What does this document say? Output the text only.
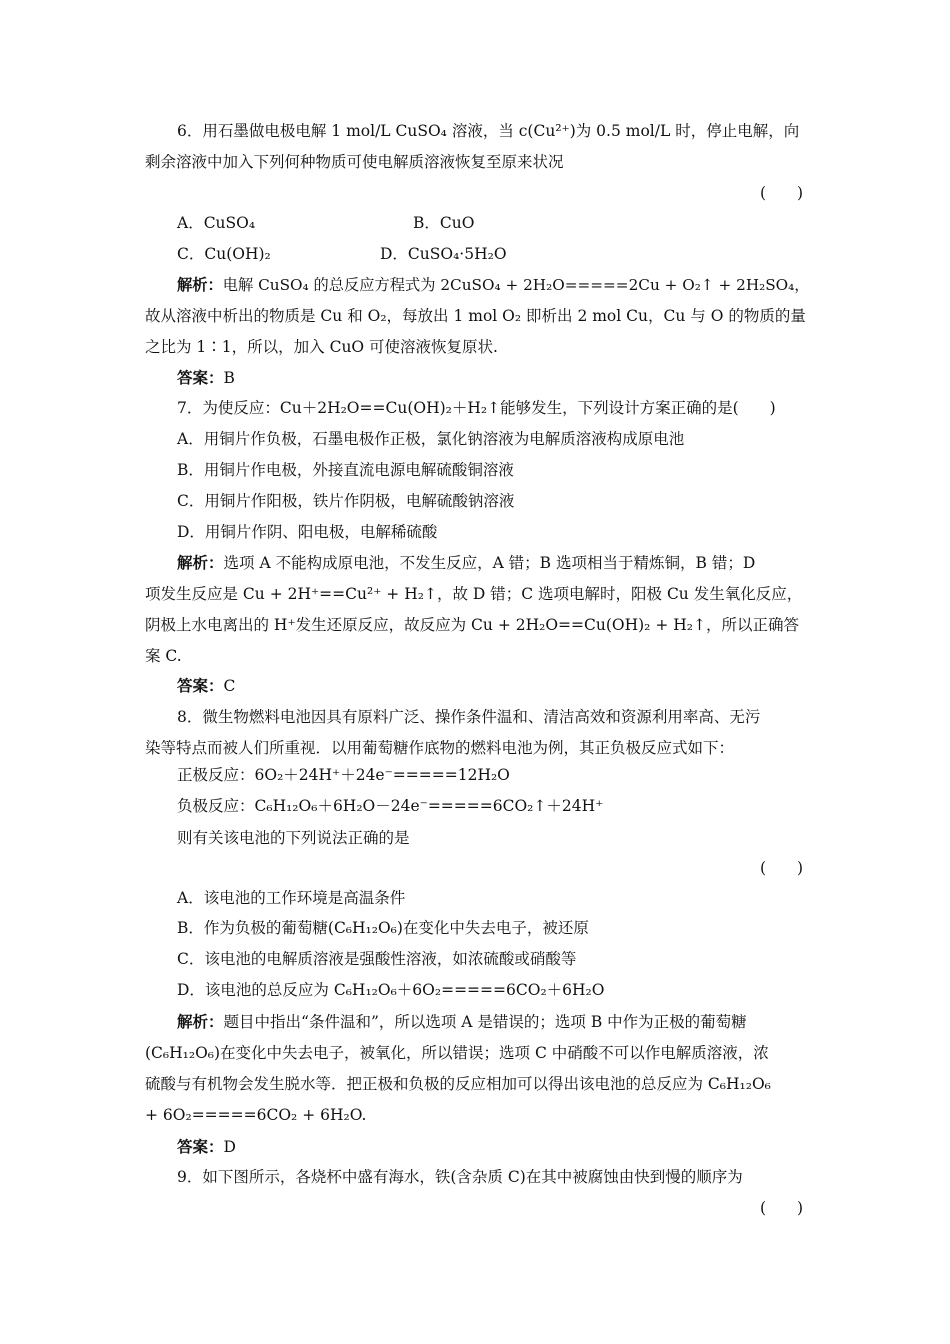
6．用石墨做电极电解 1 mol/L CuSO₄ 溶液，当 c(Cu²⁺)为 0.5 mol/L 时，停止电解，向
剩余溶液中加入下列何种物质可使电解质溶液恢复至原来状况
(　　)
A．CuSO₄	B．CuO
C．Cu(OH)₂	D．CuSO₄·5H₂O
解析：电解 CuSO₄ 的总反应方程式为 2CuSO₄ + 2H₂O=====2Cu + O₂↑ + 2H₂SO₄，
故从溶液中析出的物质是 Cu 和 O₂，每放出 1 mol O₂ 即析出 2 mol Cu，Cu 与 O 的物质的量
之比为 1∶1，所以，加入 CuO 可使溶液恢复原状.
答案：B
7．为使反应：Cu＋2H₂O==Cu(OH)₂＋H₂↑能够发生，下列设计方案正确的是(　　)
A．用铜片作负极，石墨电极作正极，氯化钠溶液为电解质溶液构成原电池
B．用铜片作电极，外接直流电源电解硫酸铜溶液
C．用铜片作阳极，铁片作阴极，电解硫酸钠溶液
D．用铜片作阴、阳电极，电解稀硫酸
解析：选项 A 不能构成原电池，不发生反应，A 错；B 选项相当于精炼铜，B 错；D
项发生反应是 Cu + 2H⁺==Cu²⁺ + H₂↑，故 D 错；C 选项电解时，阳极 Cu 发生氧化反应，
阴极上水电离出的 H⁺发生还原反应，故反应为 Cu + 2H₂O==Cu(OH)₂ + H₂↑，所以正确答
案 C.
答案：C
8．微生物燃料电池因具有原料广泛、操作条件温和、清洁高效和资源利用率高、无污
染等特点而被人们所重视．以用葡萄糖作底物的燃料电池为例，其正负极反应式如下：
正极反应：6O₂＋24H⁺＋24e⁻=====12H₂O
负极反应：C₆H₁₂O₆＋6H₂O－24e⁻=====6CO₂↑＋24H⁺
则有关该电池的下列说法正确的是
(　　)
A．该电池的工作环境是高温条件
B．作为负极的葡萄糖(C₆H₁₂O₆)在变化中失去电子，被还原
C．该电池的电解质溶液是强酸性溶液，如浓硫酸或硝酸等
D．该电池的总反应为 C₆H₁₂O₆＋6O₂=====6CO₂＋6H₂O
解析：题目中指出“条件温和”，所以选项 A 是错误的；选项 B 中作为正极的葡萄糖
(C₆H₁₂O₆)在变化中失去电子，被氧化，所以错误；选项 C 中硝酸不可以作电解质溶液，浓
硫酸与有机物会发生脱水等．把正极和负极的反应相加可以得出该电池的总反应为 C₆H₁₂O₆
+ 6O₂=====6CO₂ + 6H₂O.
答案：D
9．如下图所示，各烧杯中盛有海水，铁(含杂质 C)在其中被腐蚀由快到慢的顺序为
(　　)
